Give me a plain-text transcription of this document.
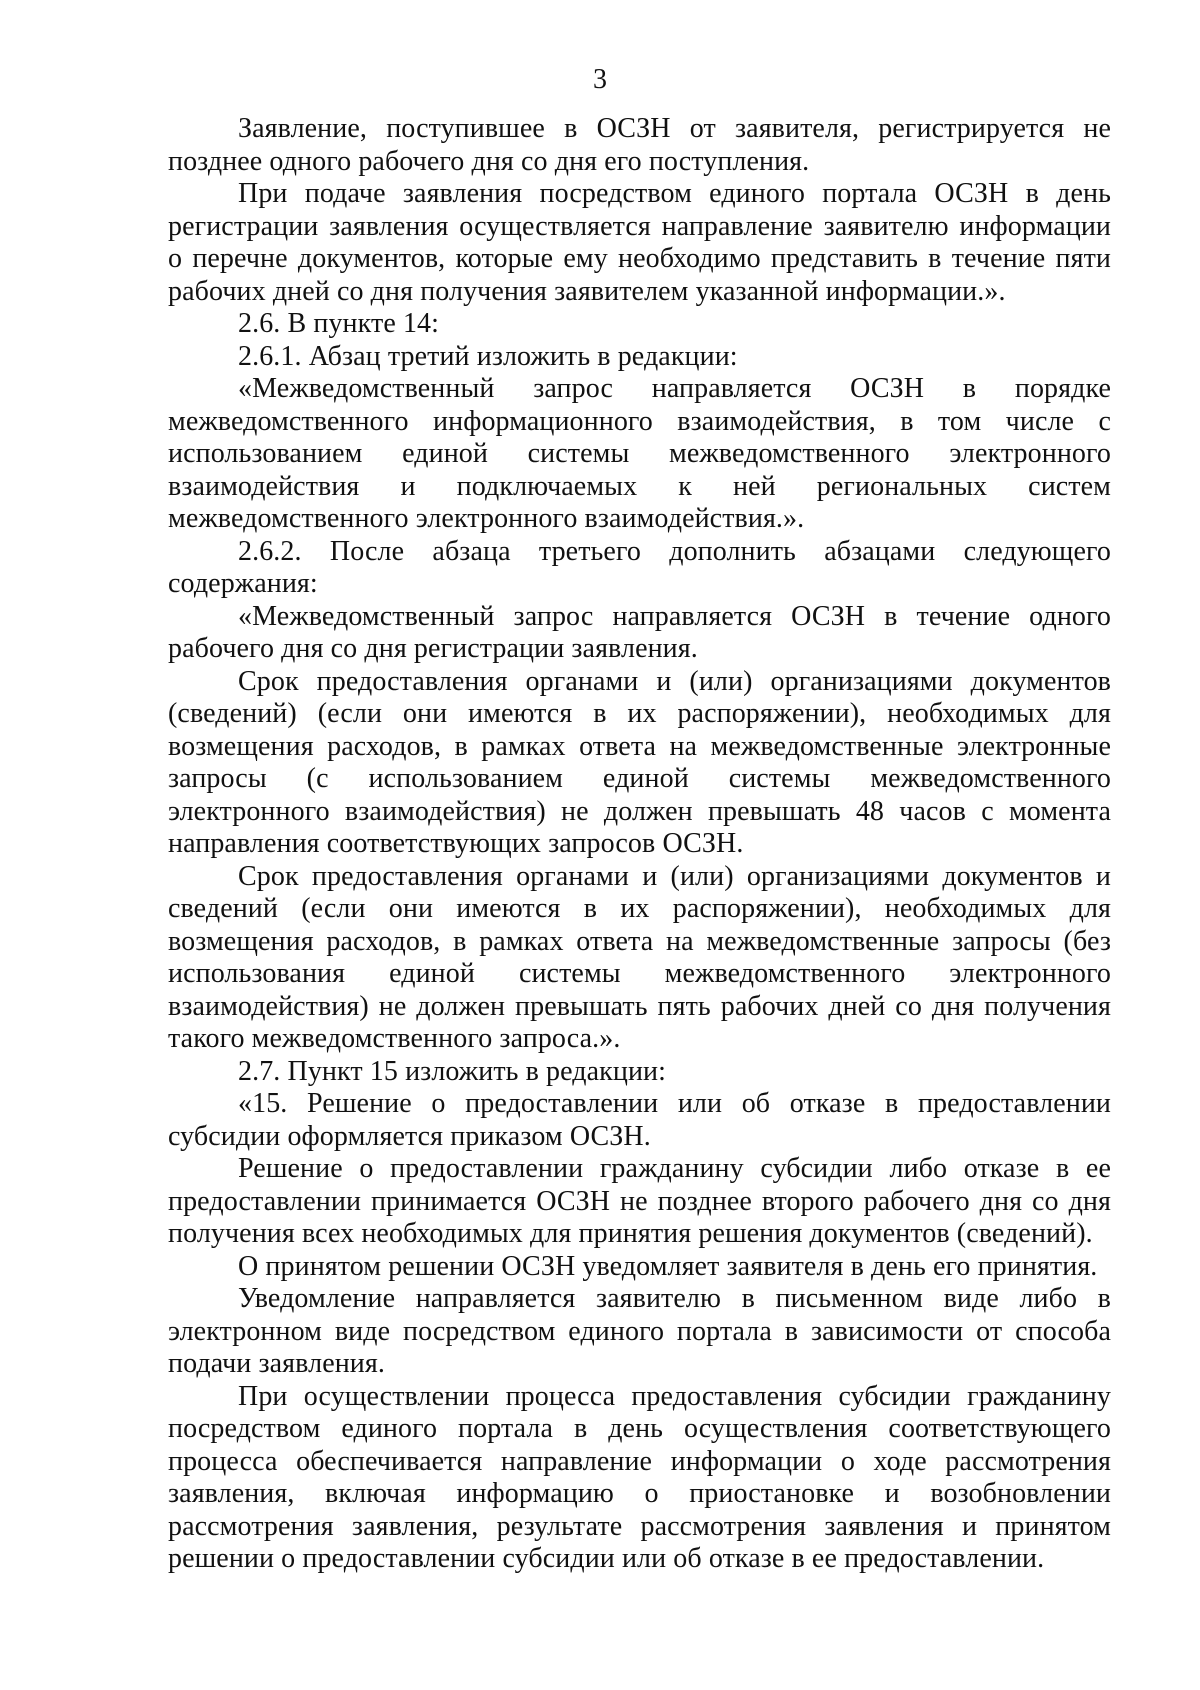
3

Заявление, поступившее в ОСЗН от заявителя, регистрируется не позднее одного рабочего дня со дня его поступления.

При подаче заявления посредством единого портала ОСЗН в день регистрации заявления осуществляется направление заявителю информации о перечне документов, которые ему необходимо представить в течение пяти рабочих дней со дня получения заявителем указанной информации.».

2.6. В пункте 14:

2.6.1. Абзац третий изложить в редакции:

«Межведомственный запрос направляется ОСЗН в порядке межведомственного информационного взаимодействия, в том числе с использованием единой системы межведомственного электронного взаимодействия и подключаемых к ней региональных систем межведомственного электронного взаимодействия.».

2.6.2. После абзаца третьего дополнить абзацами следующего содержания:

«Межведомственный запрос направляется ОСЗН в течение одного рабочего дня со дня регистрации заявления.

Срок предоставления органами и (или) организациями документов (сведений) (если они имеются в их распоряжении), необходимых для возмещения расходов, в рамках ответа на межведомственные электронные запросы (с использованием единой системы межведомственного электронного взаимодействия) не должен превышать 48 часов с момента направления соответствующих запросов ОСЗН.

Срок предоставления органами и (или) организациями документов и сведений (если они имеются в их распоряжении), необходимых для возмещения расходов, в рамках ответа на межведомственные запросы (без использования единой системы межведомственного электронного взаимодействия) не должен превышать пять рабочих дней со дня получения такого межведомственного запроса.».

2.7. Пункт 15 изложить в редакции:

«15. Решение о предоставлении или об отказе в предоставлении субсидии оформляется приказом ОСЗН.

Решение о предоставлении гражданину субсидии либо отказе в ее предоставлении принимается ОСЗН не позднее второго рабочего дня со дня получения всех необходимых для принятия решения документов (сведений).

О принятом решении ОСЗН уведомляет заявителя в день его принятия.

Уведомление направляется заявителю в письменном виде либо в электронном виде посредством единого портала в зависимости от способа подачи заявления.

При осуществлении процесса предоставления субсидии гражданину посредством единого портала в день осуществления соответствующего процесса обеспечивается направление информации о ходе рассмотрения заявления, включая информацию о приостановке и возобновлении рассмотрения заявления, результате рассмотрения заявления и принятом решении о предоставлении субсидии или об отказе в ее предоставлении.
